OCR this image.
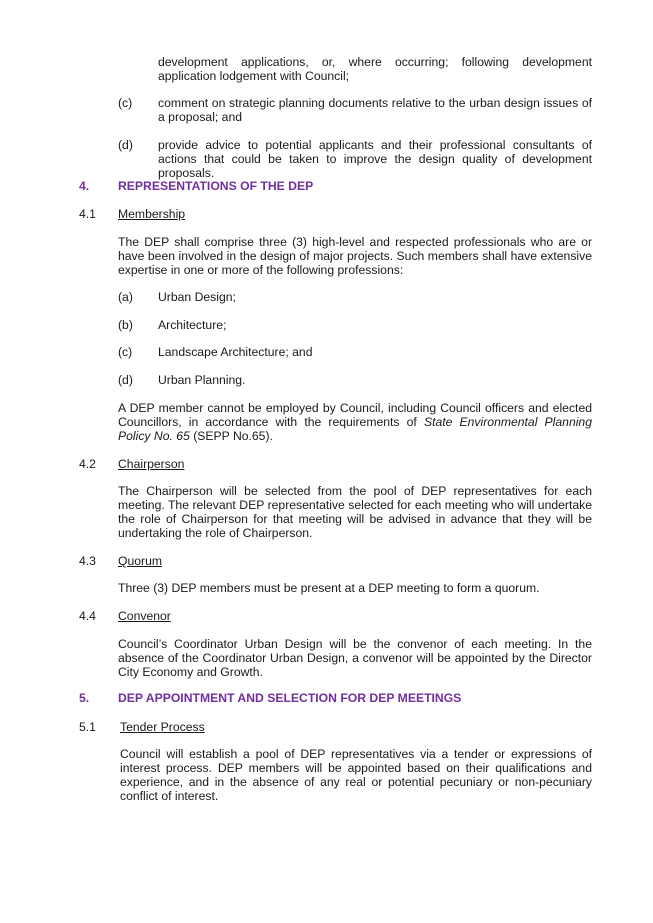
development applications, or, where occurring; following development application lodgement with Council;

(c) comment on strategic planning documents relative to the urban design issues of a proposal; and

(d) provide advice to potential applicants and their professional consultants of actions that could be taken to improve the design quality of development proposals.

4. REPRESENTATIONS OF THE DEP
4.1 Membership

The DEP shall comprise three (3) high-level and respected professionals who are or have been involved in the design of major projects. Such members shall have extensive expertise in one or more of the following professions:

(a) Urban Design;
(b) Architecture;
(c) Landscape Architecture; and
(d) Urban Planning.

A DEP member cannot be employed by Council, including Council officers and elected Councillors, in accordance with the requirements of State Environmental Planning Policy No. 65 (SEPP No.65).

4.2 Chairperson

The Chairperson will be selected from the pool of DEP representatives for each meeting. The relevant DEP representative selected for each meeting who will undertake the role of Chairperson for that meeting will be advised in advance that they will be undertaking the role of Chairperson.

4.3 Quorum

Three (3) DEP members must be present at a DEP meeting to form a quorum.

4.4 Convenor

Council’s Coordinator Urban Design will be the convenor of each meeting. In the absence of the Coordinator Urban Design, a convenor will be appointed by the Director City Economy and Growth.

5. DEP APPOINTMENT AND SELECTION FOR DEP MEETINGS
5.1 Tender Process

Council will establish a pool of DEP representatives via a tender or expressions of interest process. DEP members will be appointed based on their qualifications and experience, and in the absence of any real or potential pecuniary or non-pecuniary conflict of interest.
